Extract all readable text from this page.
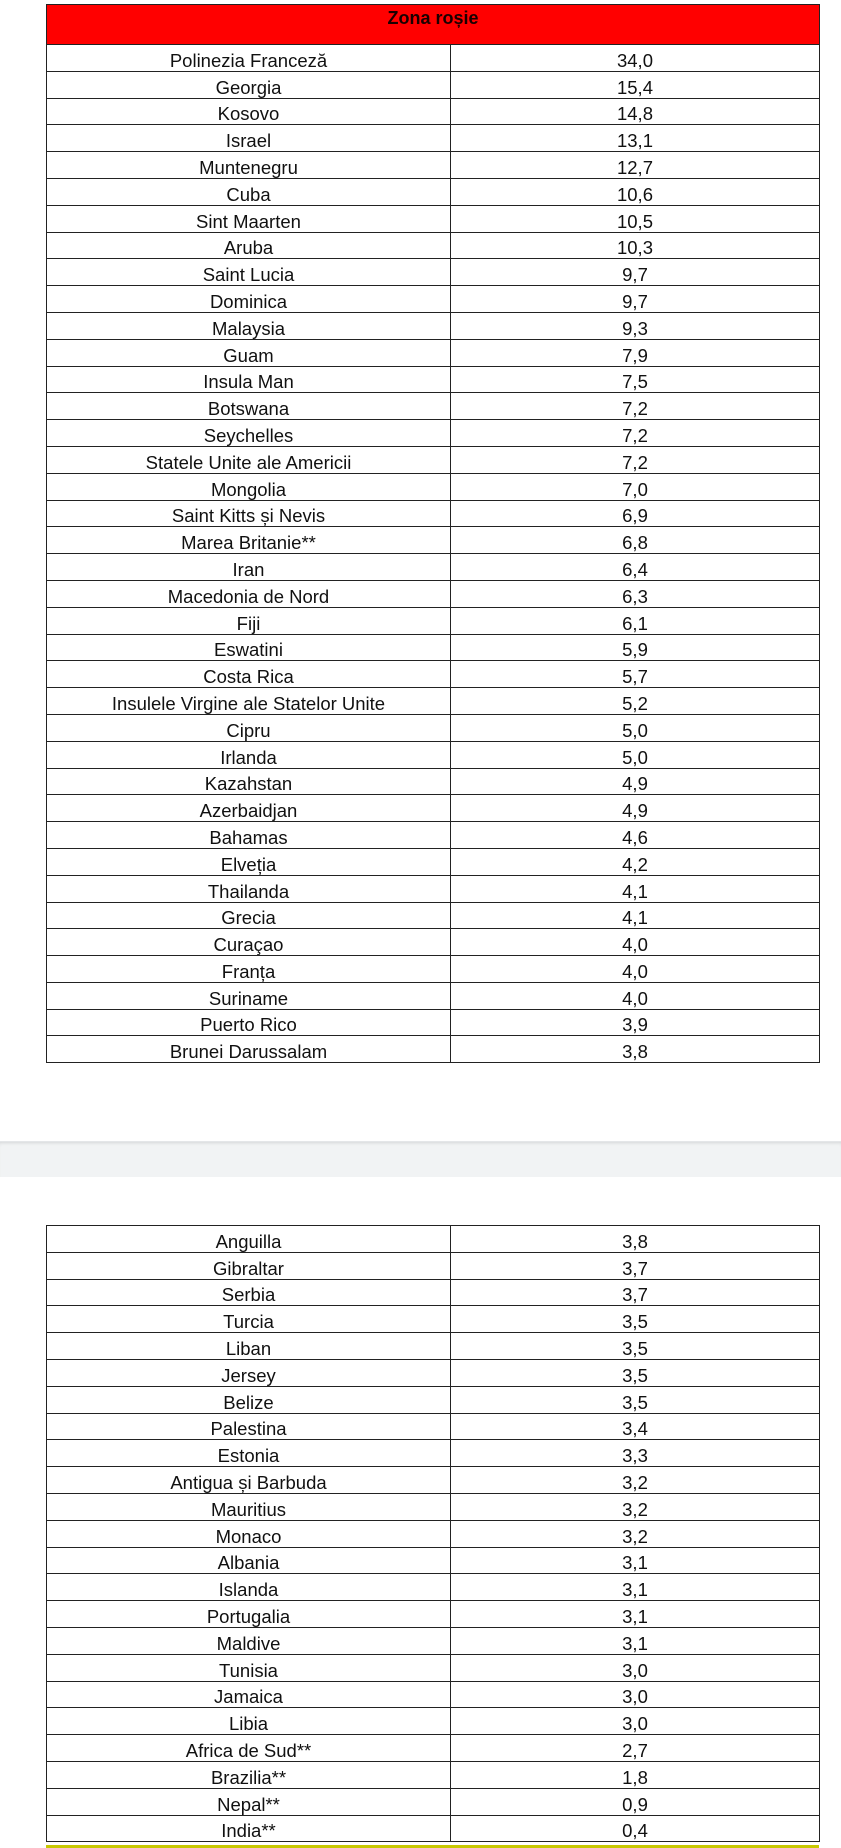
Zona roșie	
Polinezia Franceză	34,0
Georgia	15,4
Kosovo	14,8
Israel	13,1
Muntenegru	12,7
Cuba	10,6
Sint Maarten	10,5
Aruba	10,3
Saint Lucia	9,7
Dominica	9,7
Malaysia	9,3
Guam	7,9
Insula Man	7,5
Botswana	7,2
Seychelles	7,2
Statele Unite ale Americii	7,2
Mongolia	7,0
Saint Kitts și Nevis	6,9
Marea Britanie**	6,8
Iran	6,4
Macedonia de Nord	6,3
Fiji	6,1
Eswatini	5,9
Costa Rica	5,7
Insulele Virgine ale Statelor Unite	5,2
Cipru	5,0
Irlanda	5,0
Kazahstan	4,9
Azerbaidjan	4,9
Bahamas	4,6
Elveția	4,2
Thailanda	4,1
Grecia	4,1
Curaçao	4,0
Franța	4,0
Suriname	4,0
Puerto Rico	3,9
Brunei Darussalam	3,8
Anguilla	3,8
Gibraltar	3,7
Serbia	3,7
Turcia	3,5
Liban	3,5
Jersey	3,5
Belize	3,5
Palestina	3,4
Estonia	3,3
Antigua și Barbuda	3,2
Mauritius	3,2
Monaco	3,2
Albania	3,1
Islanda	3,1
Portugalia	3,1
Maldive	3,1
Tunisia	3,0
Jamaica	3,0
Libia	3,0
Africa de Sud**	2,7
Brazilia**	1,8
Nepal**	0,9
India**	0,4
